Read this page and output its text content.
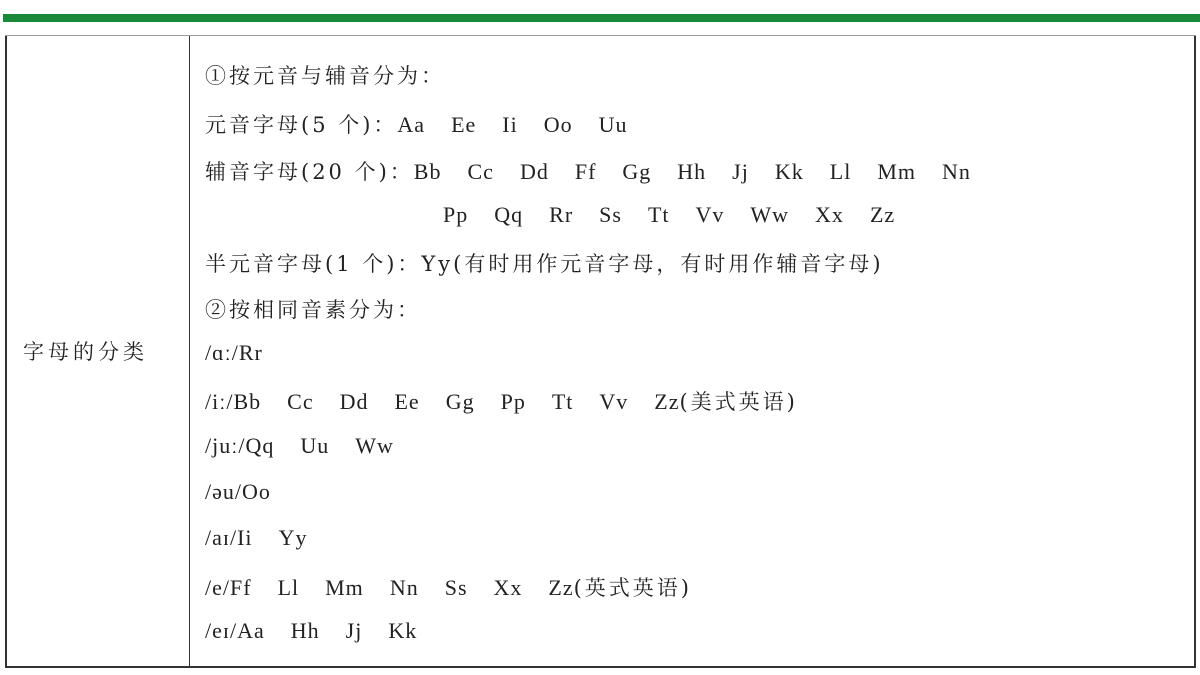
字母的分类
①按元音与辅音分为：
元音字母(5 个)：Aa Ee Ii Oo Uu
辅音字母(20 个)：Bb Cc Dd Ff Gg Hh Jj Kk Ll Mm Nn
Pp Qq Rr Ss Tt Vv Ww Xx Zz
半元音字母(1 个)：Yy(有时用作元音字母，有时用作辅音字母)
②按相同音素分为：
/ɑː/Rr
/iː/Bb Cc Dd Ee Gg Pp Tt Vv Zz(美式英语)
/juː/Qq Uu Ww
/əu/Oo
/aɪ/Ii Yy
/e/Ff Ll Mm Nn Ss Xx Zz(英式英语)
/eɪ/Aa Hh Jj Kk
